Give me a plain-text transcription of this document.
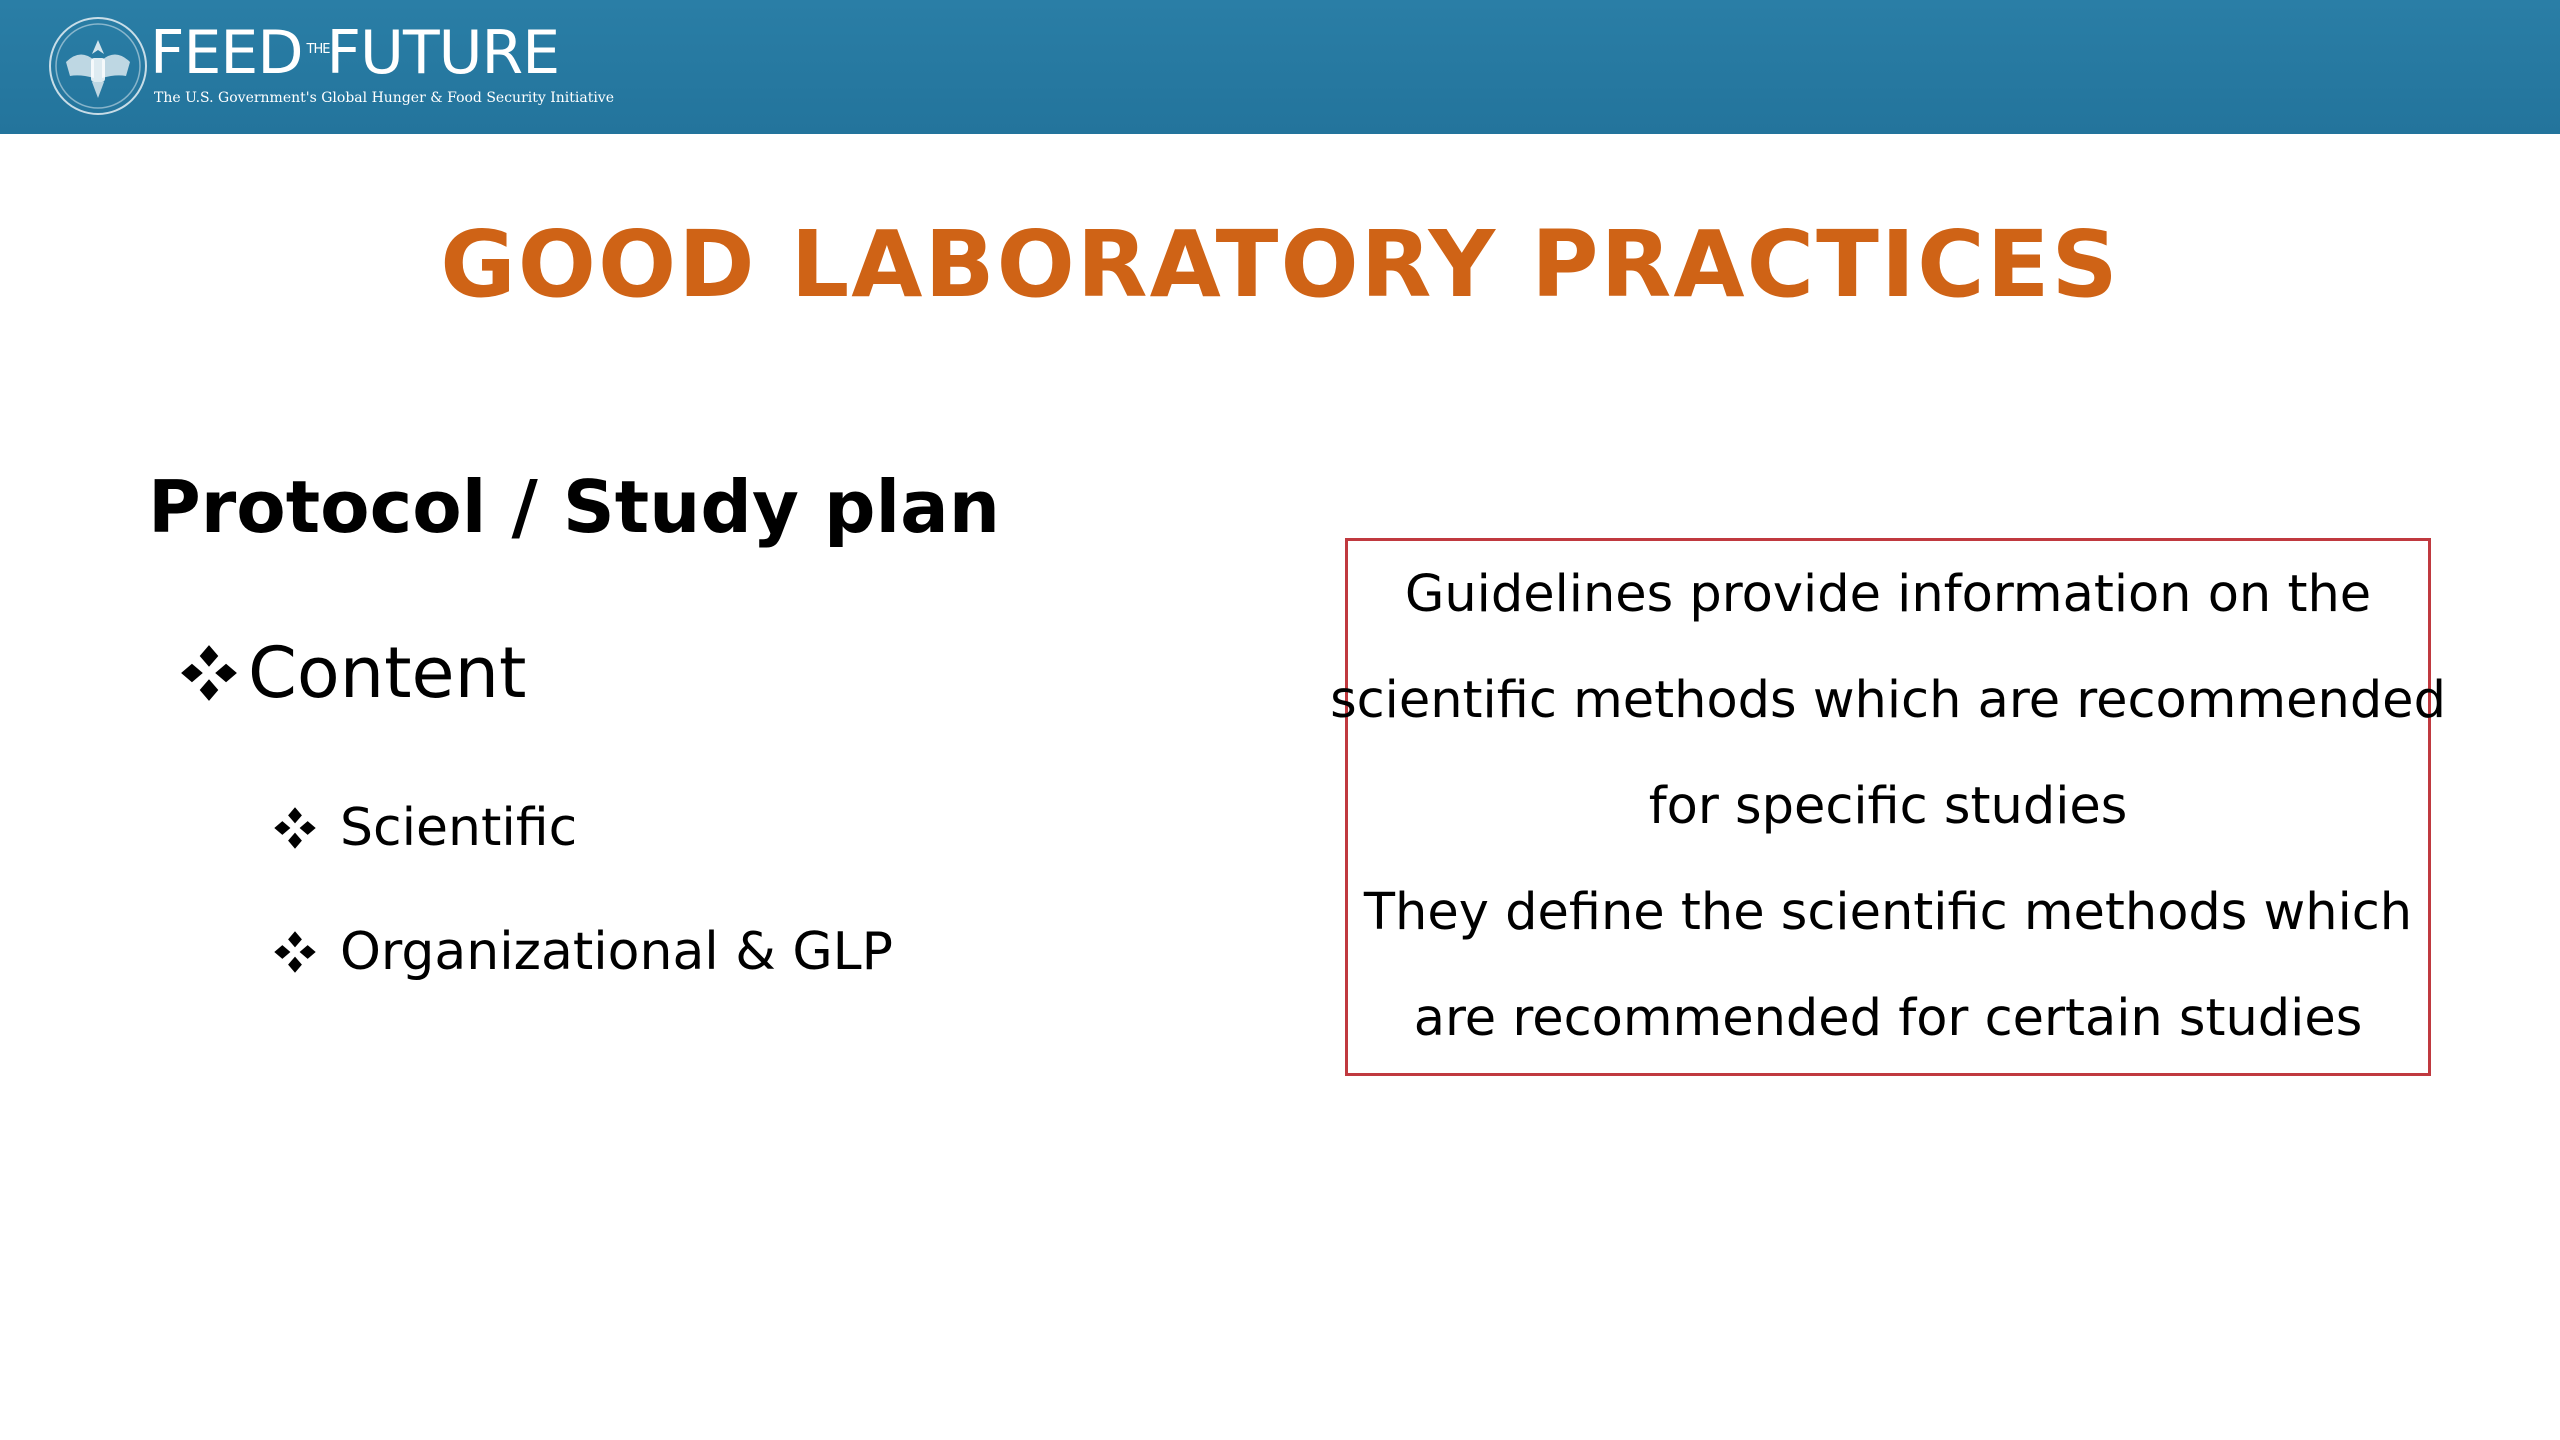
FEED THE
FUTURE
The U.S. Government's Global Hunger & Food Security Initiative
GOOD LABORATORY PRACTICES
Protocol / Study plan
Content
Scientific
Organizational & GLP
Guidelines provide information on the
scientific methods which are recommended
for specific studies
They define the scientific methods which
are recommended for certain studies
